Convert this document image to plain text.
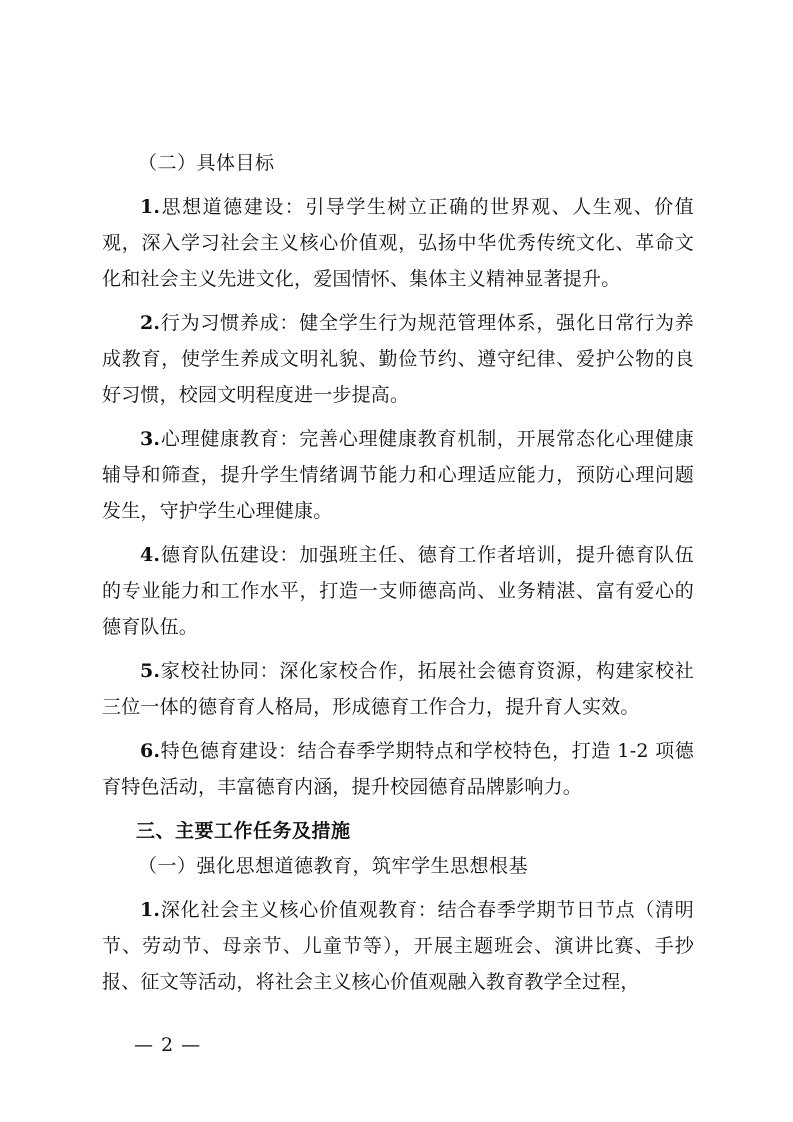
（二）具体目标

1.思想道德建设：引导学生树立正确的世界观、人生观、价值观，深入学习社会主义核心价值观，弘扬中华优秀传统文化、革命文化和社会主义先进文化，爱国情怀、集体主义精神显著提升。

2.行为习惯养成：健全学生行为规范管理体系，强化日常行为养成教育，使学生养成文明礼貌、勤俭节约、遵守纪律、爱护公物的良好习惯，校园文明程度进一步提高。

3.心理健康教育：完善心理健康教育机制，开展常态化心理健康辅导和筛查，提升学生情绪调节能力和心理适应能力，预防心理问题发生，守护学生心理健康。

4.德育队伍建设：加强班主任、德育工作者培训，提升德育队伍的专业能力和工作水平，打造一支师德高尚、业务精湛、富有爱心的德育队伍。

5.家校社协同：深化家校合作，拓展社会德育资源，构建家校社三位一体的德育育人格局，形成德育工作合力，提升育人实效。

6.特色德育建设：结合春季学期特点和学校特色，打造 1-2 项德育特色活动，丰富德育内涵，提升校园德育品牌影响力。

三、主要工作任务及措施

（一）强化思想道德教育，筑牢学生思想根基

1.深化社会主义核心价值观教育：结合春季学期节日节点（清明节、劳动节、母亲节、儿童节等），开展主题班会、演讲比赛、手抄报、征文等活动，将社会主义核心价值观融入教育教学全过程，

— 2 —
